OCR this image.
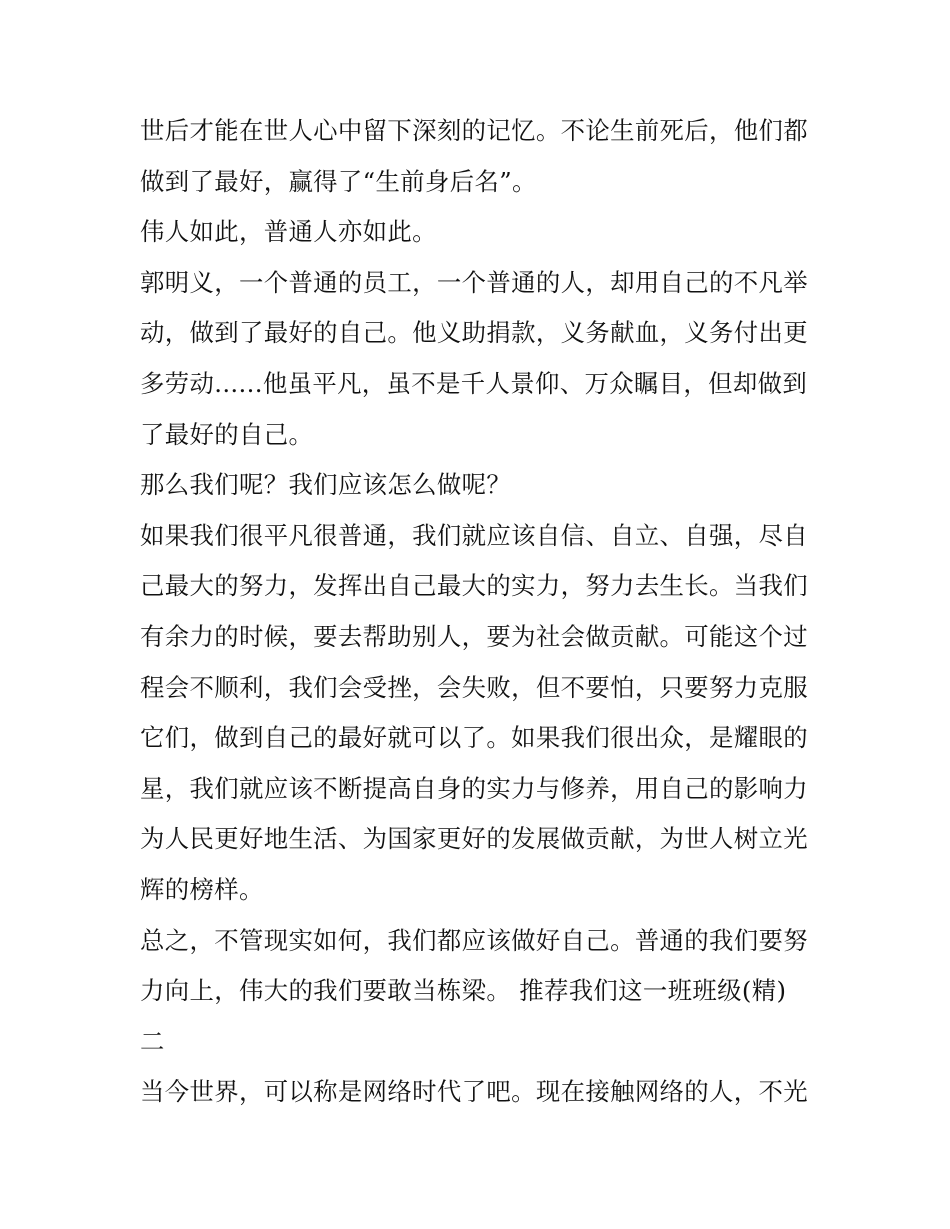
世后才能在世人心中留下深刻的记忆。不论生前死后，他们都
做到了最好，赢得了“生前身后名”。
伟人如此，普通人亦如此。
郭明义，一个普通的员工，一个普通的人，却用自己的不凡举
动，做到了最好的自己。他义助捐款，义务献血，义务付出更
多劳动......他虽平凡，虽不是千人景仰、万众瞩目，但却做到
了最好的自己。
那么我们呢？我们应该怎么做呢？
如果我们很平凡很普通，我们就应该自信、自立、自强，尽自
己最大的努力，发挥出自己最大的实力，努力去生长。当我们
有余力的时候，要去帮助别人，要为社会做贡献。可能这个过
程会不顺利，我们会受挫，会失败，但不要怕，只要努力克服
它们，做到自己的最好就可以了。如果我们很出众，是耀眼的
星，我们就应该不断提高自身的实力与修养，用自己的影响力
为人民更好地生活、为国家更好的发展做贡献，为世人树立光
辉的榜样。
总之，不管现实如何，我们都应该做好自己。普通的我们要努
力向上，伟大的我们要敢当栋梁。 推荐我们这一班班级(精)
二
当今世界，可以称是网络时代了吧。现在接触网络的人，不光
